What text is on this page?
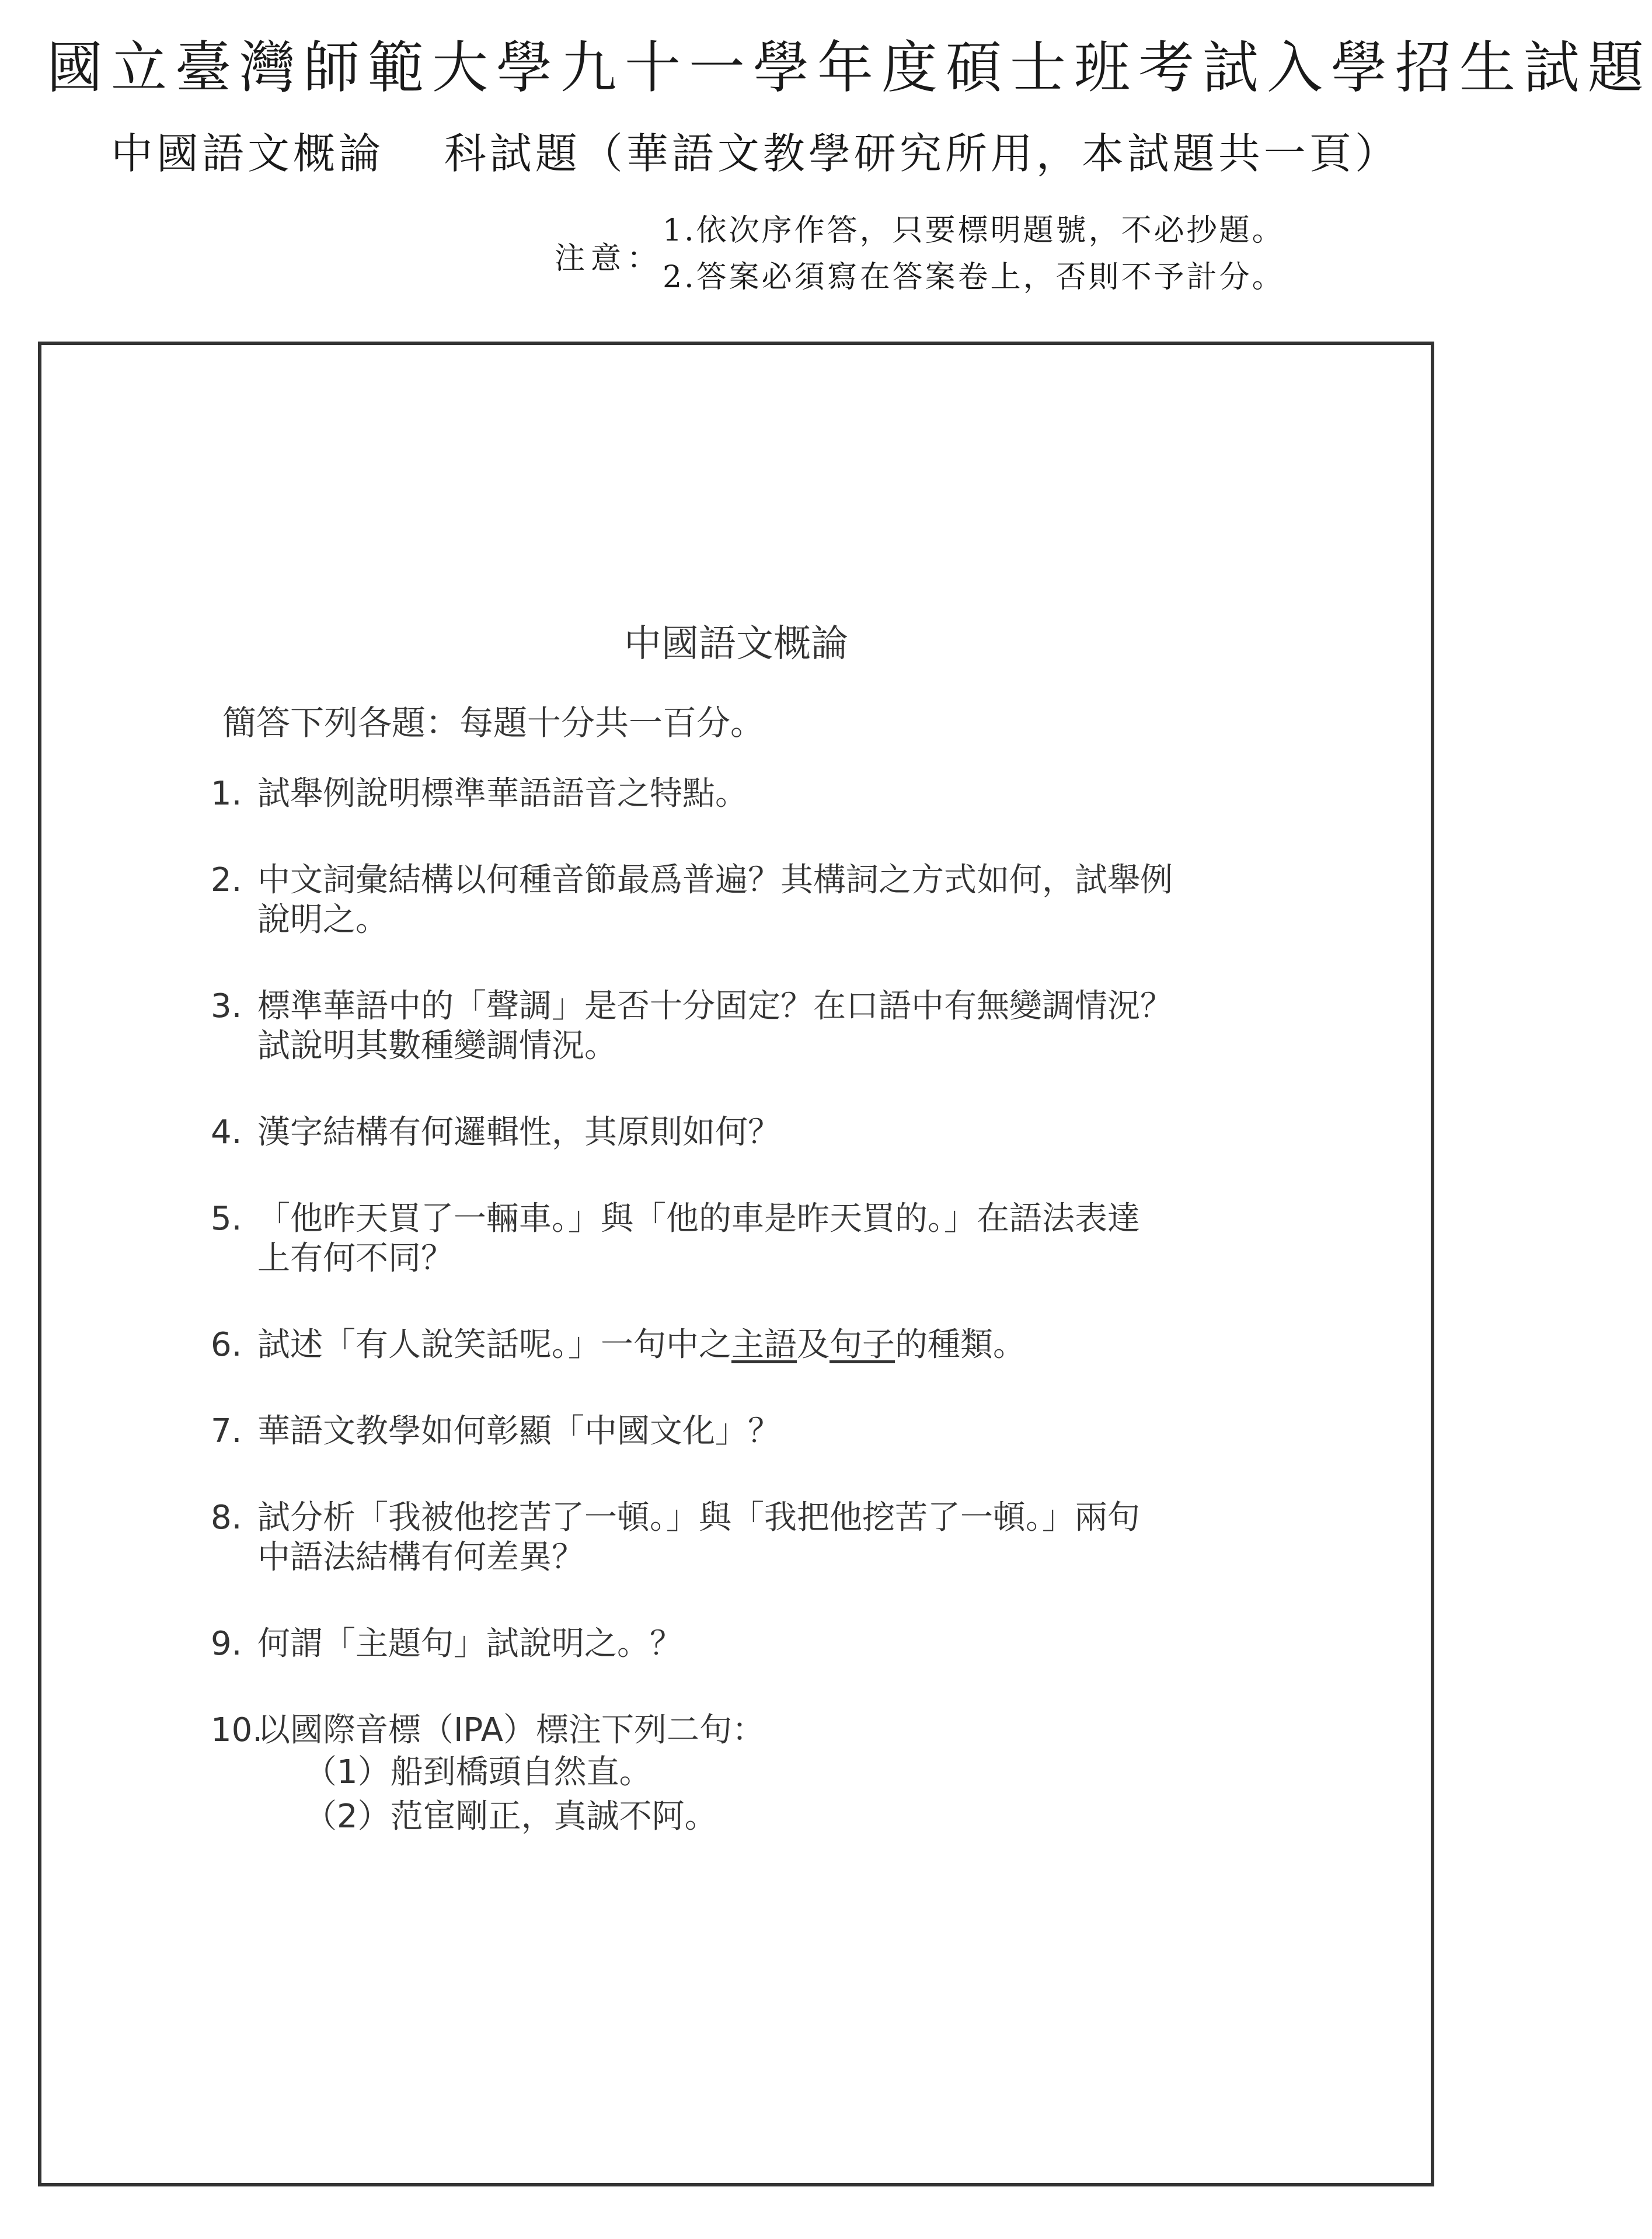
國立臺灣師範大學九十一學年度碩士班考試入學招生試題
中國語文概論 科試題（華語文教學研究所用，本試題共一頁）
注意：
1.依次序作答，只要標明題號，不必抄題。
2.答案必須寫在答案卷上，否則不予計分。
中國語文概論
簡答下列各題：每題十分共一百分。
1. 試舉例說明標準華語語音之特點。
2. 中文詞彙結構以何種音節最爲普遍？其構詞之方式如何，試舉例
說明之。
3. 標準華語中的「聲調」是否十分固定？在口語中有無變調情況？
試說明其數種變調情況。
4. 漢字結構有何邏輯性，其原則如何？
5. 「他昨天買了一輛車。」與「他的車是昨天買的。」在語法表達
上有何不同？
6. 試述「有人說笑話呢。」一句中之主語及句子的種類。
7. 華語文教學如何彰顯「中國文化」？
8. 試分析「我被他挖苦了一頓。」與「我把他挖苦了一頓。」兩句
中語法結構有何差異？
9. 何謂「主題句」試說明之。？
10.
以國際音標（IPA）標注下列二句：
（1）船到橋頭自然直。
（2）范宦剛正，真誠不阿。
